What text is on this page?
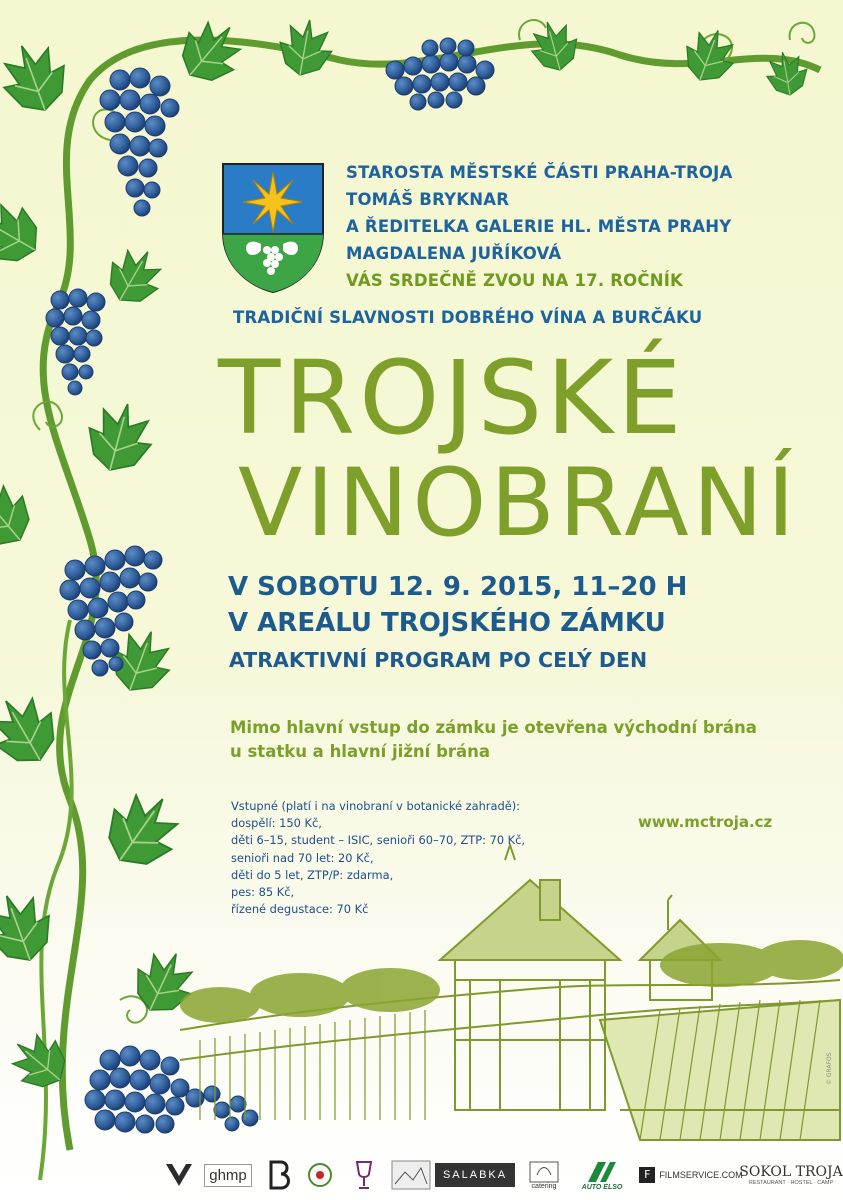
STAROSTA MĚSTSKÉ ČÁSTI PRAHA-TROJA
TOMÁŠ BRYKNAR
A ŘEDITELKA GALERIE HL. MĚSTA PRAHY
MAGDALENA JUŘÍKOVÁ
VÁS SRDEČNĚ ZVOU NA 17. ROČNÍK
TRADIČNÍ SLAVNOSTI DOBRÉHO VÍNA A BURČÁKU
TROJSKÉ
VINOBRANÍ
V SOBOTU 12. 9. 2015, 11–20 H
V AREÁLU TROJSKÉHO ZÁMKU
ATRAKTIVNÍ PROGRAM PO CELÝ DEN
Mimo hlavní vstup do zámku je otevřena východní brána
u statku a hlavní jižní brána
Vstupné (platí i na vinobraní v botanické zahradě):
dospělí: 150 Kč,
děti 6–15, student – ISIC, senioři 60–70, ZTP: 70 Kč,
senioři nad 70 let: 20 Kč,
děti do 5 let, ZTP/P: zdarma,
pes: 85 Kč,
řízené degustace: 70 Kč
www.mctroja.cz
© GRAFOS
ghmp	SALABKA
catering	AUTO ELSO
F FILMSERVICE.COM
SOKOL TROJA
RESTAURANT · HOSTEL · CAMP
